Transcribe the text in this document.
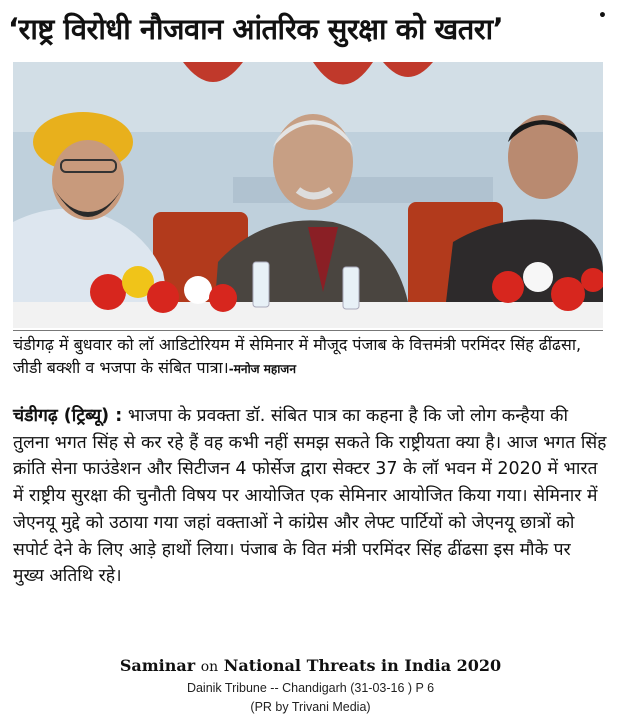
‘राष्ट्र विरोधी नौजवान आंतरिक सुरक्षा को खतरा’	•
चंडीगढ़ में बुधवार को लॉ आडिटोरियम में सेमिनार में मौजूद पंजाब के वित्तमंत्री परमिंदर सिंह ढींढसा, जीडी बक्शी व भजपा के संबित पात्रा।-मनोज महाजन
चंडीगढ़ (ट्रिब्यू) : भाजपा के प्रवक्ता डॉ. संबित पात्र का कहना है कि जो लोग कन्हैया की तुलना भगत सिंह से कर रहे हैं वह कभी नहीं समझ सकते कि राष्ट्रीयता क्या है। आज भगत सिंह क्रांति सेना फाउंडेशन और सिटीजन 4 फोर्सेज द्वारा सेक्टर 37 के लॉ भवन में 2020 में भारत में राष्ट्रीय सुरक्षा की चुनौती विषय पर आयोजित एक सेमिनार आयोजित किया गया। सेमिनार में जेएनयू मुद्दे को उठाया गया जहां वक्ताओं ने कांग्रेस और लेफ्ट पार्टियों को जेएनयू छात्रों को सपोर्ट देने के लिए आड़े हाथों लिया। पंजाब के वित मंत्री परमिंदर सिंह ढींढसा इस मौके पर मुख्य अतिथि रहे।
Saminar on National Threats in India 2020
Dainik Tribune -- Chandigarh (31-03-16 ) P 6
(PR by Trivani Media)
